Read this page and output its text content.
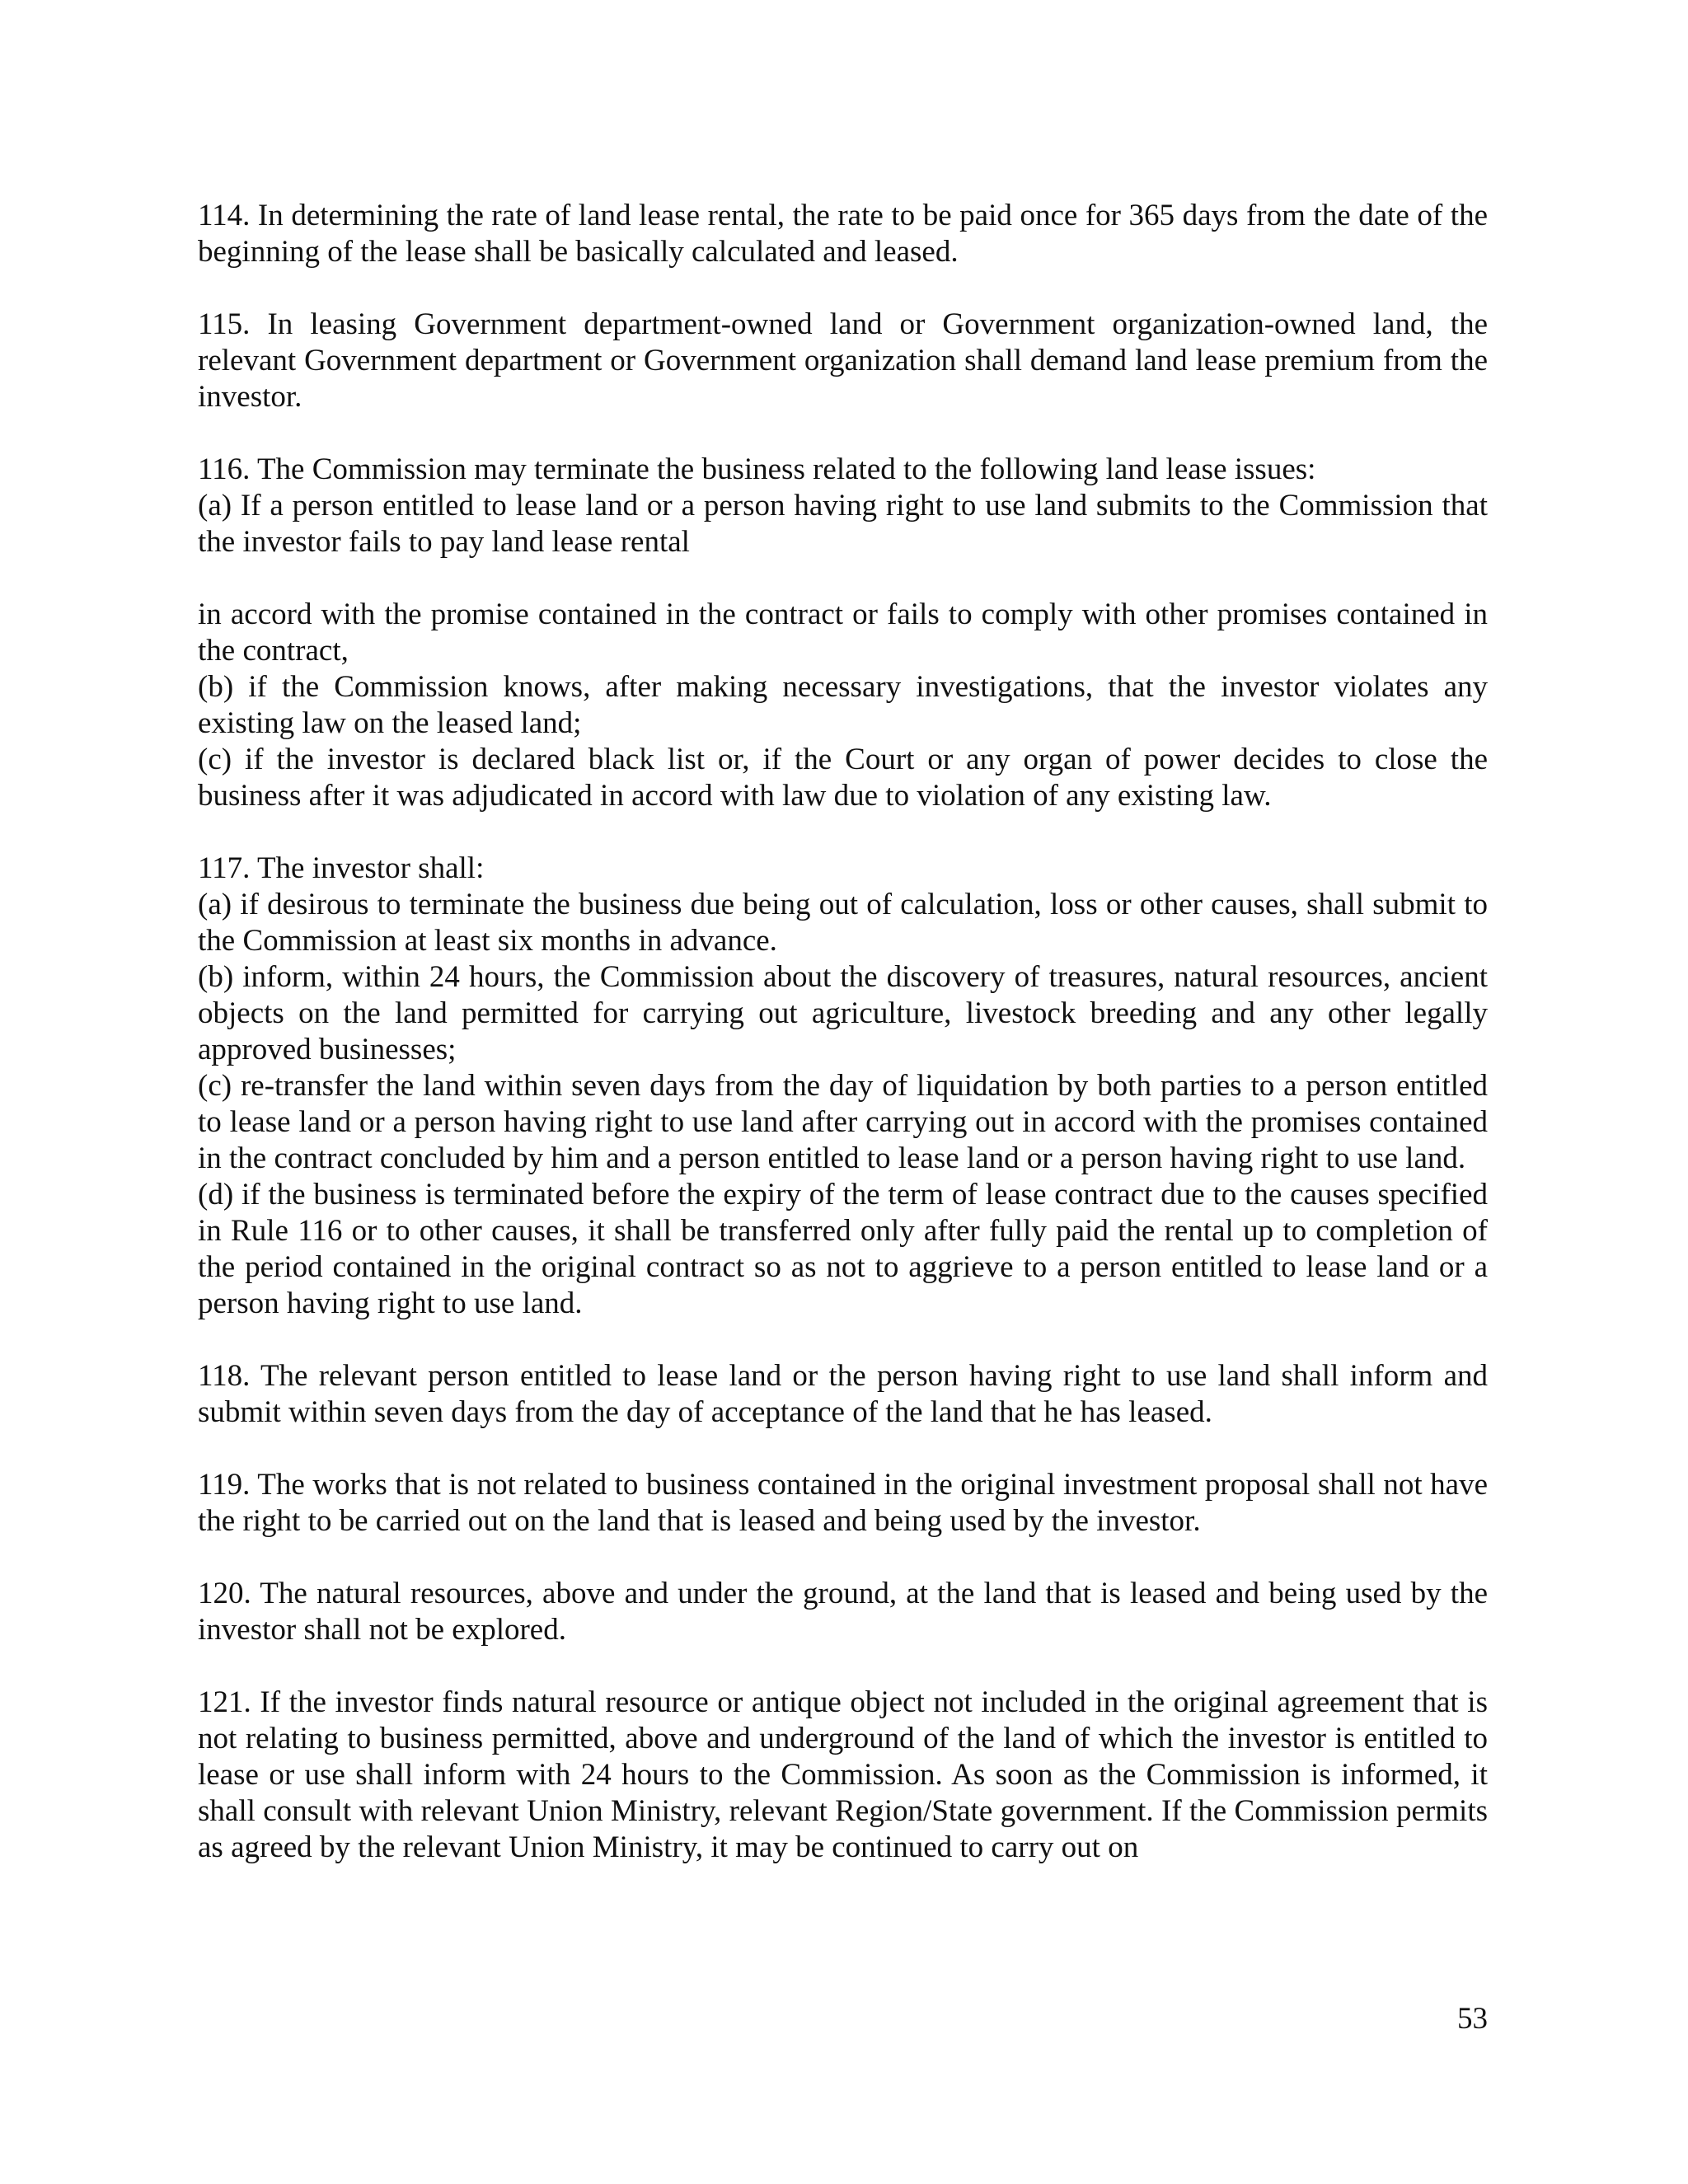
114. In determining the rate of land lease rental, the rate to be paid once for 365 days from the date of the beginning of the lease shall be basically calculated and leased.

115. In leasing Government department-owned land or Government organization-owned land, the relevant Government department or Government organization shall demand land lease premium from the investor.

116. The Commission may terminate the business related to the following land lease issues:

(a) If a person entitled to lease land or a person having right to use land submits to the Commission that the investor fails to pay land lease rental

in accord with the promise contained in the contract or fails to comply with other promises contained in the contract,

(b) if the Commission knows, after making necessary investigations, that the investor violates any existing law on the leased land;

(c) if the investor is declared black list or, if the Court or any organ of power decides to close the business after it was adjudicated in accord with law due to violation of any existing law.

117. The investor shall:

(a) if desirous to terminate the business due being out of calculation, loss or other causes, shall submit to the Commission at least six months in advance.

(b) inform, within 24 hours, the Commission about the discovery of treasures, natural resources, ancient objects on the land permitted for carrying out agriculture, livestock breeding and any other legally approved businesses;

(c) re-transfer the land within seven days from the day of liquidation by both parties to a person entitled to lease land or a person having right to use land after carrying out in accord with the promises contained in the contract concluded by him and a person entitled to lease land or a person having right to use land.

(d) if the business is terminated before the expiry of the term of lease contract due to the causes specified in Rule 116 or to other causes, it shall be transferred only after fully paid the rental up to completion of the period contained in the original contract so as not to aggrieve to a person entitled to lease land or a person having right to use land.

118. The relevant person entitled to lease land or the person having right to use land shall inform and submit within seven days from the day of acceptance of the land that he has leased.

119. The works that is not related to business contained in the original investment proposal shall not have the right to be carried out on the land that is leased and being used by the investor.

120. The natural resources, above and under the ground, at the land that is leased and being used by the investor shall not be explored.

121. If the investor finds natural resource or antique object not included in the original agreement that is not relating to business permitted, above and underground of the land of which the investor is entitled to lease or use shall inform with 24 hours to the Commission. As soon as the Commission is informed, it shall consult with relevant Union Ministry, relevant Region/State government. If the Commission permits as agreed by the relevant Union Ministry, it may be continued to carry out on

53
